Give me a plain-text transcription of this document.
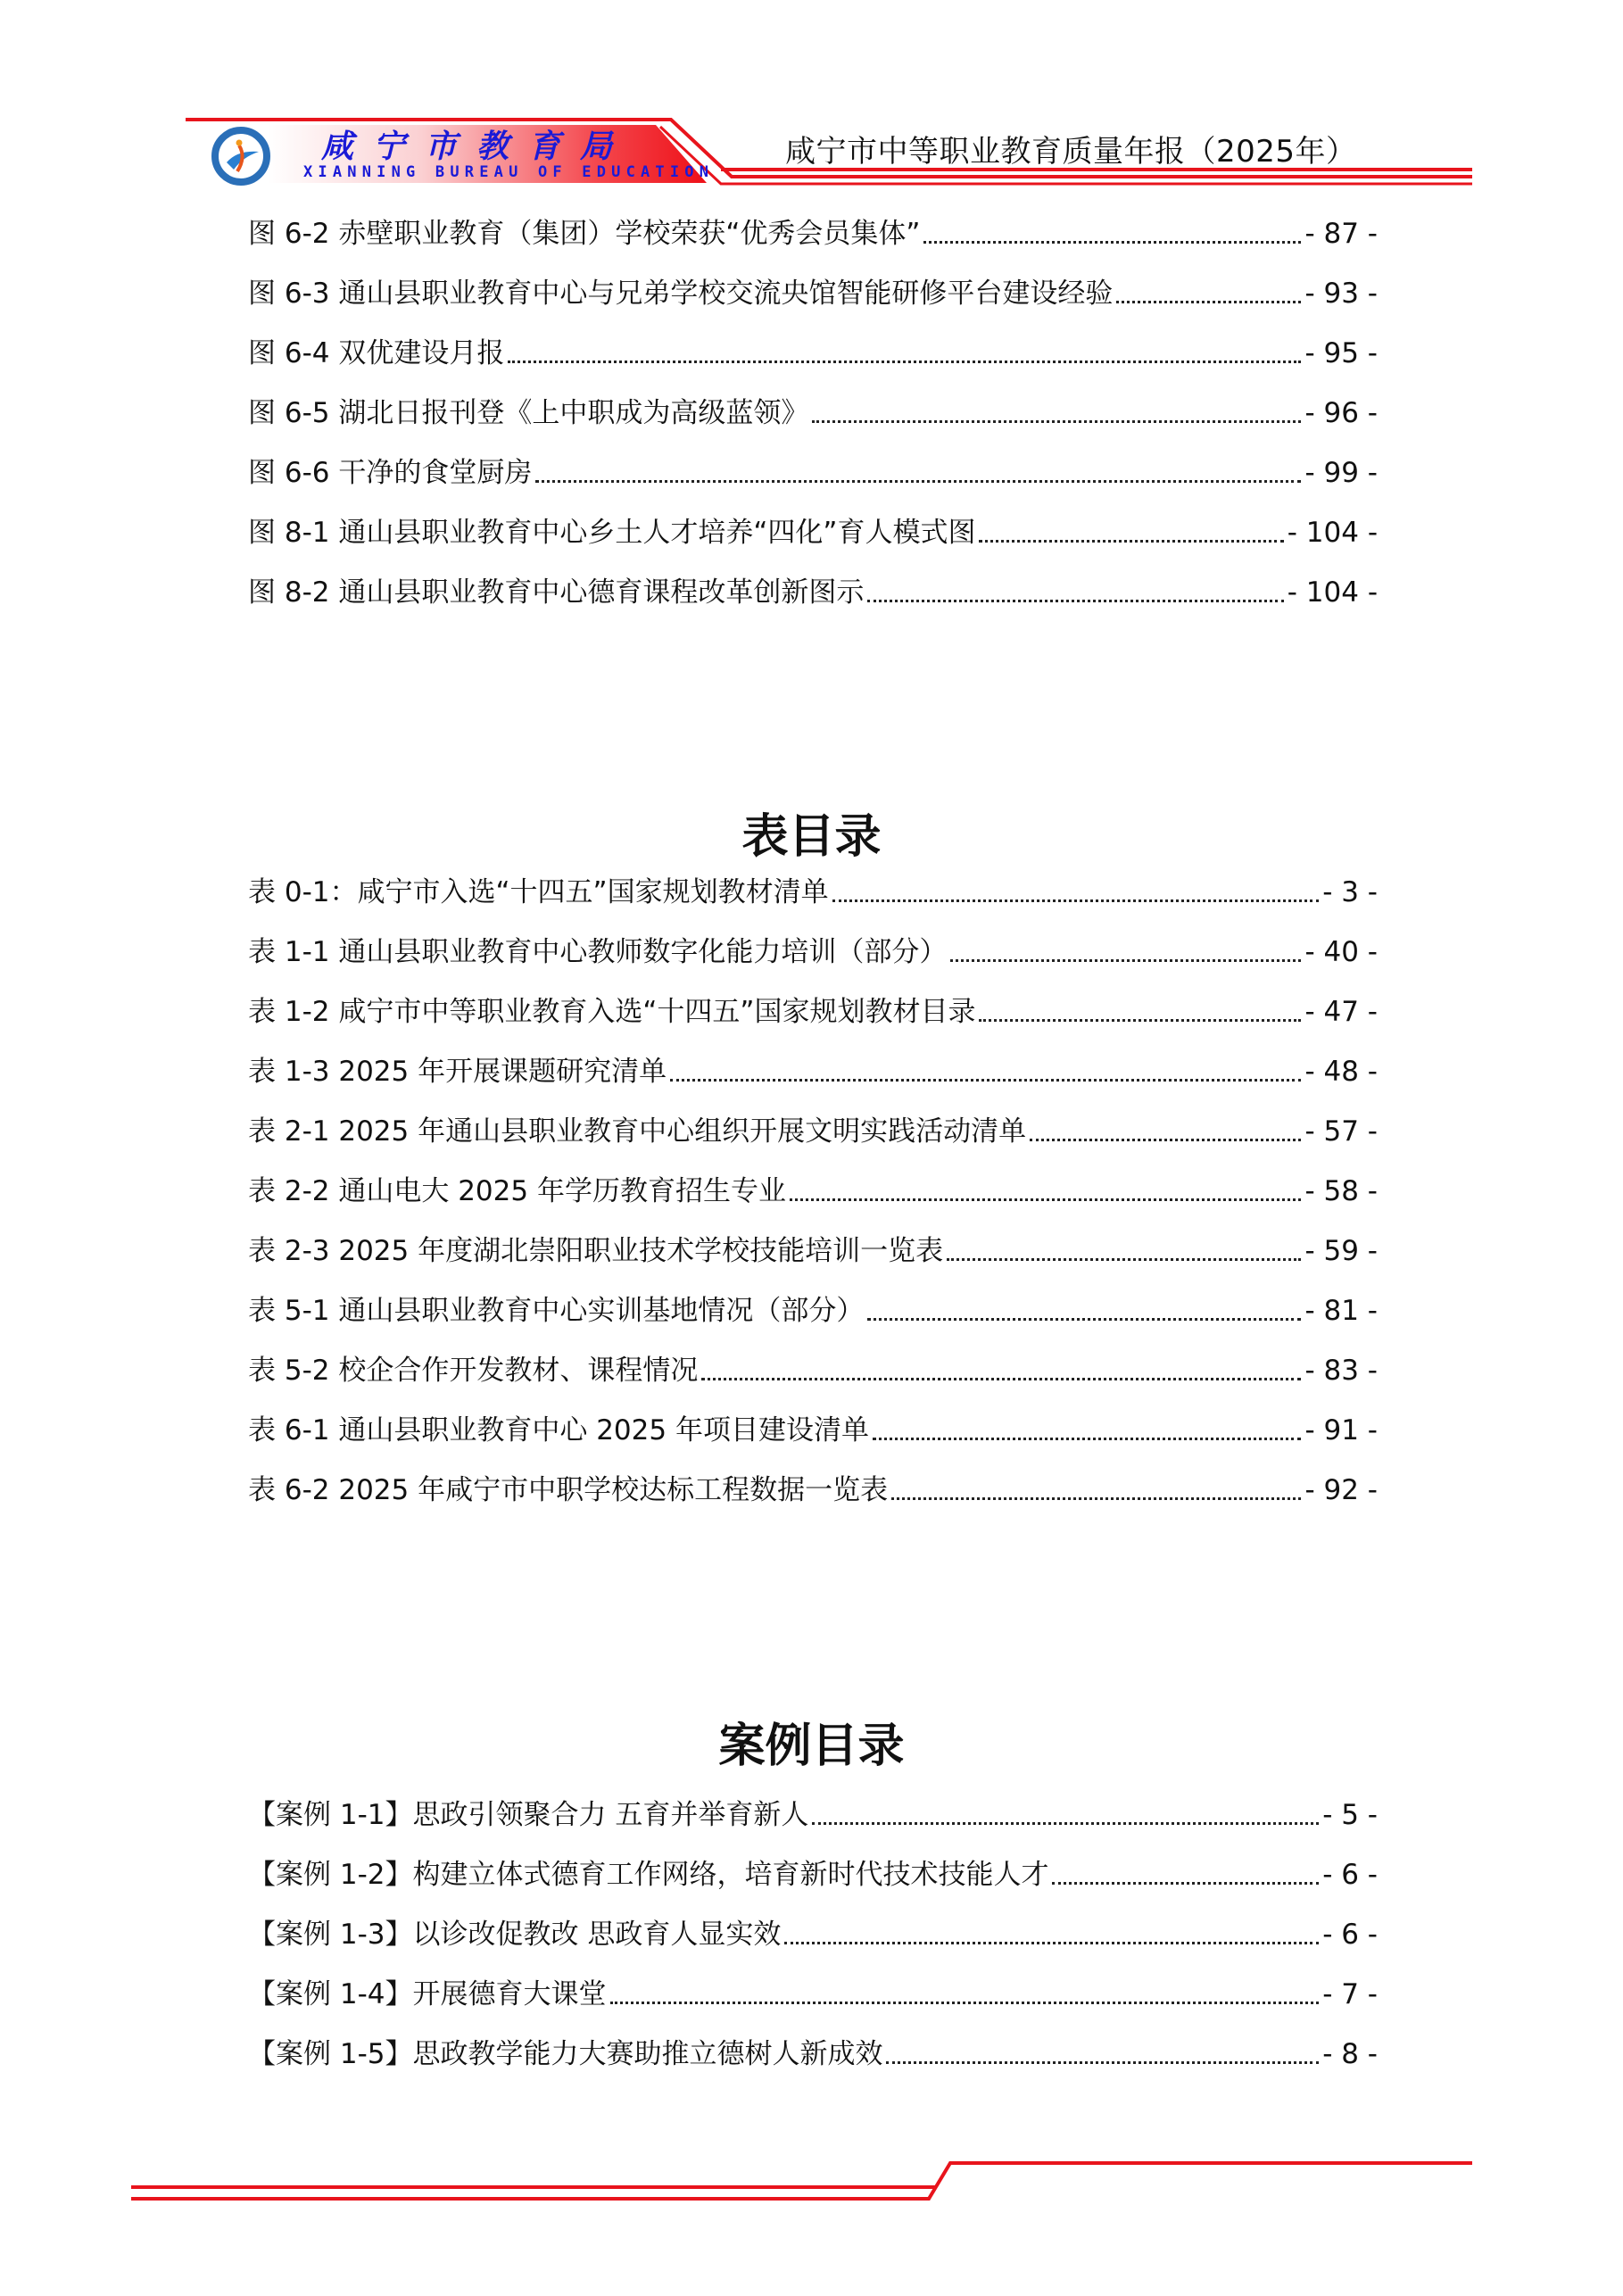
咸宁市教育局
XIANNING BUREAU OF EDUCATION
咸宁市中等职业教育质量年报（2025年）
图 6-2 赤壁职业教育（集团）学校荣获“优秀会员集体”	- 87 -
图 6-3 通山县职业教育中心与兄弟学校交流央馆智能研修平台建设经验	- 93 -
图 6-4 双优建设月报	- 95 -
图 6-5 湖北日报刊登《上中职成为高级蓝领》	- 96 -
图 6-6 干净的食堂厨房	- 99 -
图 8-1 通山县职业教育中心乡土人才培养“四化”育人模式图	- 104 -
图 8-2 通山县职业教育中心德育课程改革创新图示	- 104 -
表目录
表 0-1：咸宁市入选“十四五”国家规划教材清单	- 3 -
表 1-1 通山县职业教育中心教师数字化能力培训（部分）	- 40 -
表 1-2 咸宁市中等职业教育入选“十四五”国家规划教材目录	- 47 -
表 1-3 2025 年开展课题研究清单	- 48 -
表 2-1 2025 年通山县职业教育中心组织开展文明实践活动清单	- 57 -
表 2-2 通山电大 2025 年学历教育招生专业	- 58 -
表 2-3 2025 年度湖北崇阳职业技术学校技能培训一览表	- 59 -
表 5-1 通山县职业教育中心实训基地情况（部分）	- 81 -
表 5-2 校企合作开发教材、课程情况	- 83 -
表 6-1 通山县职业教育中心 2025 年项目建设清单	- 91 -
表 6-2 2025 年咸宁市中职学校达标工程数据一览表	- 92 -
案例目录
【案例 1-1】思政引领聚合力 五育并举育新人	- 5 -
【案例 1-2】构建立体式德育工作网络，培育新时代技术技能人才	- 6 -
【案例 1-3】以诊改促教改 思政育人显实效	- 6 -
【案例 1-4】开展德育大课堂	- 7 -
【案例 1-5】思政教学能力大赛助推立德树人新成效	- 8 -
